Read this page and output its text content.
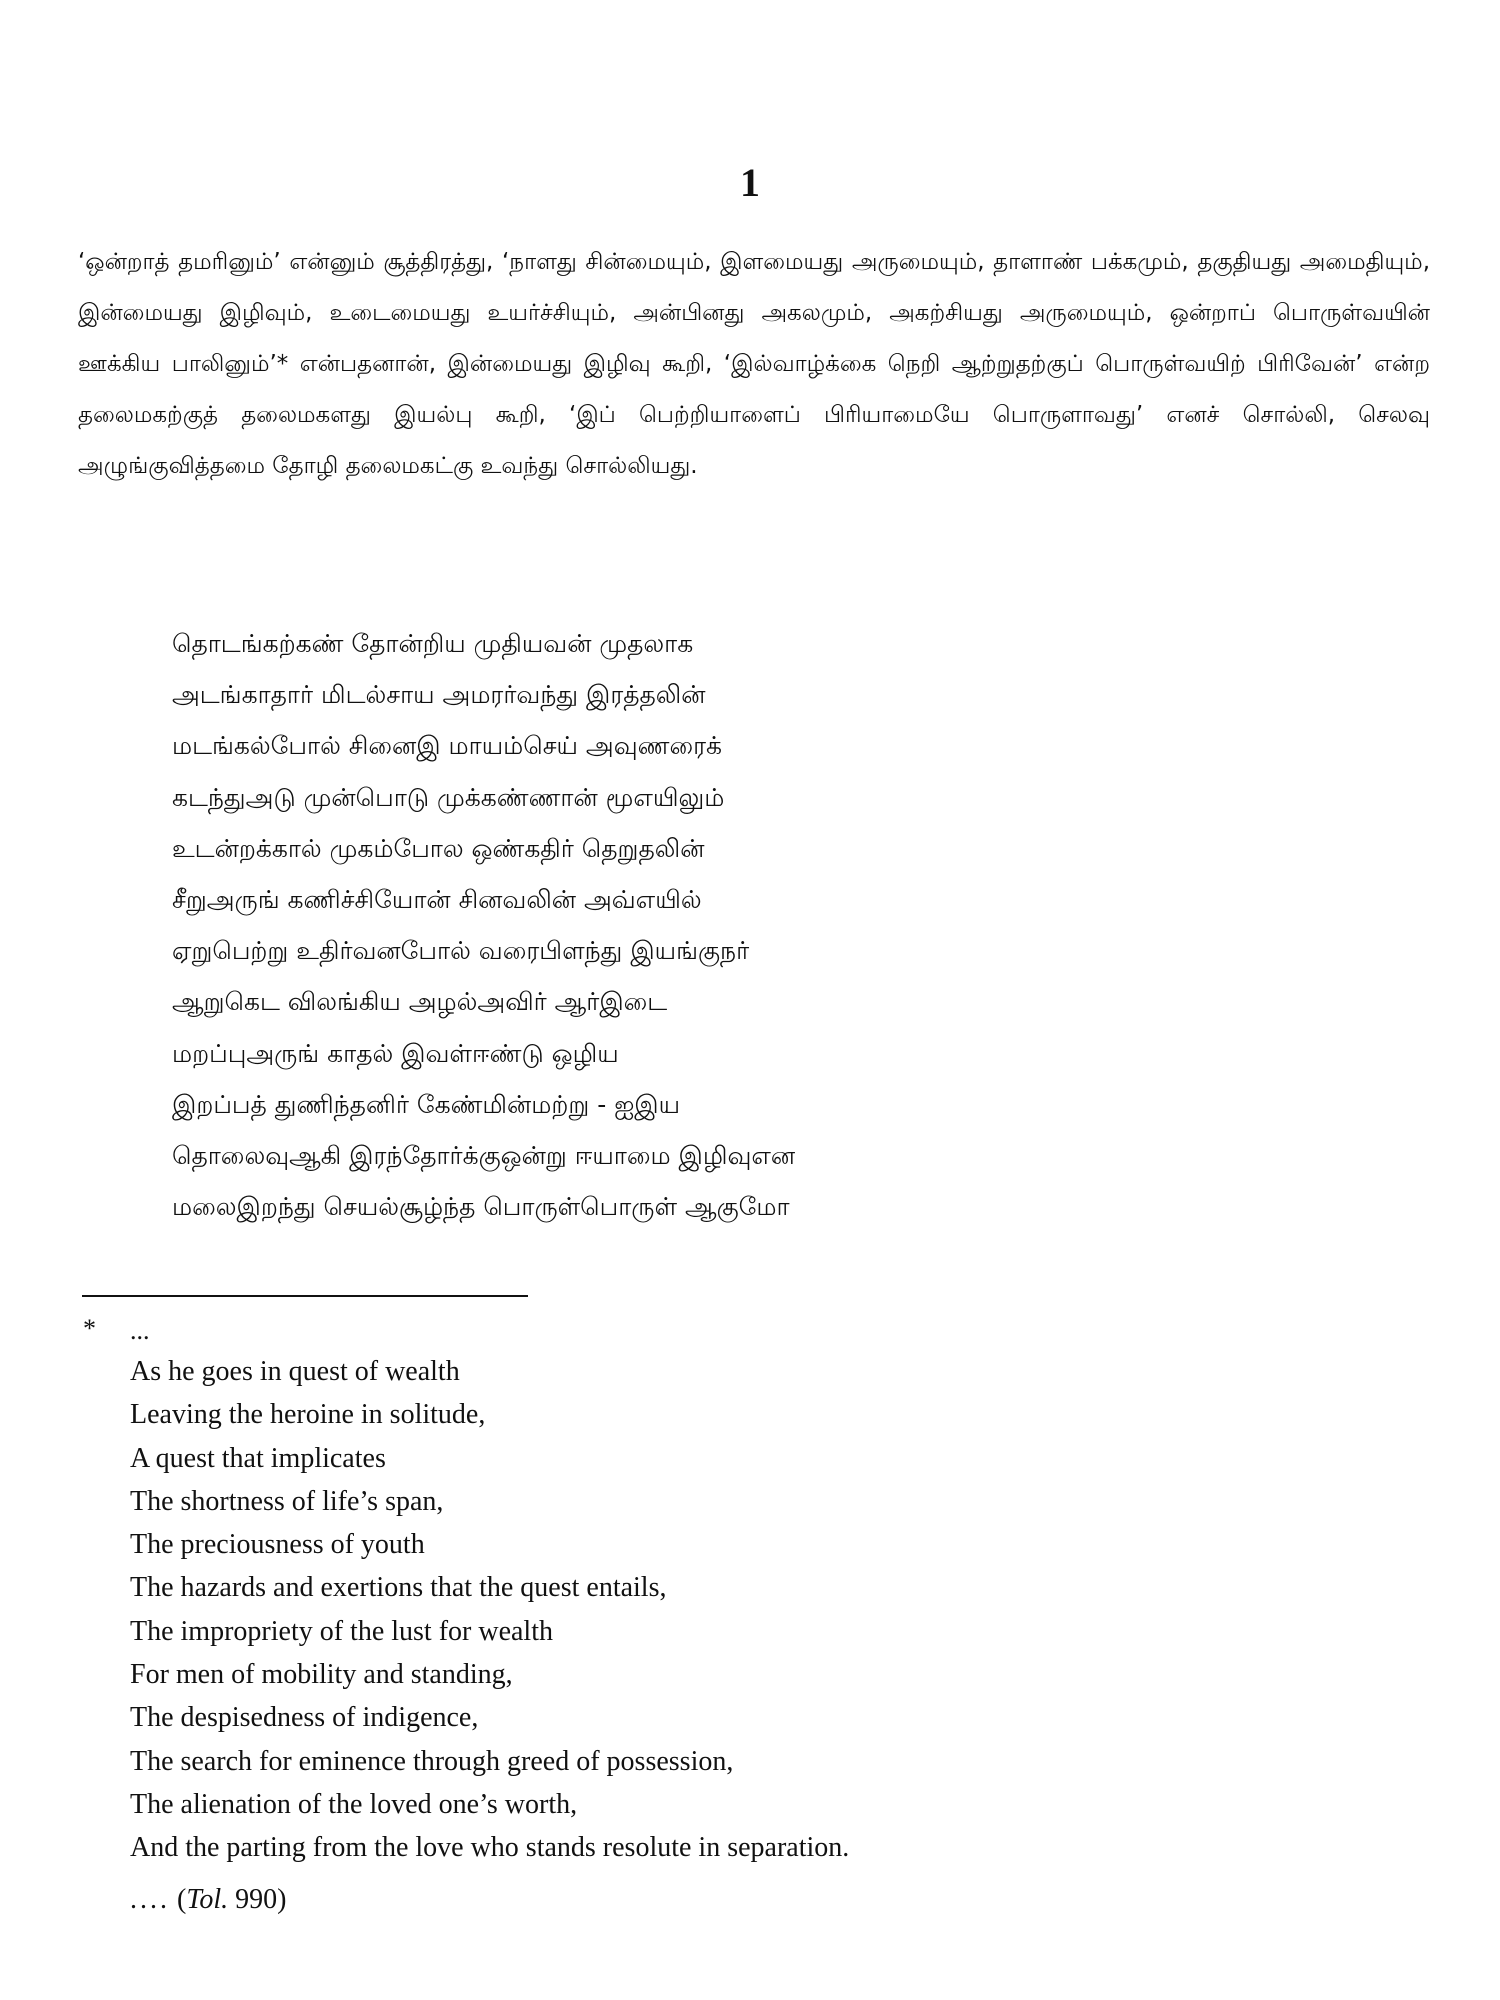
1

‘ஒன்றாத் தமரினும்’ என்னும் சூத்திரத்து, ‘நாளது சின்மையும், இளமையது அருமையும், தாளாண் பக்கமும், தகுதியது அமைதியும், இன்மையது இழிவும், உடைமையது உயர்ச்சியும், அன்பினது அகலமும், அகற்சியது அருமையும், ஒன்றாப் பொருள்வயின் ஊக்கிய பாலினும்’* என்பதனான், இன்மையது இழிவு கூறி, ‘இல்வாழ்க்கை நெறி ஆற்றுதற்குப் பொருள்வயிற் பிரிவேன்’ என்ற தலைமகற்குத் தலைமகளது இயல்பு கூறி, ‘இப் பெற்றியாளைப் பிரியாமையே பொருளாவது’ எனச் சொல்லி, செலவு அழுங்குவித்தமை தோழி தலைமகட்கு உவந்து சொல்லியது.

தொடங்கற்கண் தோன்றிய முதியவன் முதலாக
அடங்காதார் மிடல்சாய அமரர்வந்து இரத்தலின்
மடங்கல்போல் சினைஇ மாயம்செய் அவுணரைக்
கடந்துஅடு முன்பொடு முக்கண்ணான் மூஎயிலும்
உடன்றக்கால் முகம்போல ஒண்கதிர் தெறுதலின்
சீறுஅருங் கணிச்சியோன் சினவலின் அவ்எயில்
ஏறுபெற்று உதிர்வனபோல் வரைபிளந்து இயங்குநர்
ஆறுகெட விலங்கிய அழல்அவிர் ஆர்இடை
மறப்புஅருங் காதல் இவள்ஈண்டு ஒழிய
இறப்பத் துணிந்தனிர் கேண்மின்மற்று - ஐஇய
தொலைவுஆகி இரந்தோர்க்குஒன்று ஈயாமை இழிவுஎன
மலைஇறந்து செயல்சூழ்ந்த பொருள்பொருள் ஆகுமோ
* ...
As he goes in quest of wealth
Leaving the heroine in solitude,
A quest that implicates
The shortness of life’s span,
The preciousness of youth
The hazards and exertions that the quest entails,
The impropriety of the lust for wealth
For men of mobility and standing,
The despisedness of indigence,
The search for eminence through greed of possession,
The alienation of the loved one’s worth,
And the parting from the love who stands resolute in separation.
.... (Tol. 990)
